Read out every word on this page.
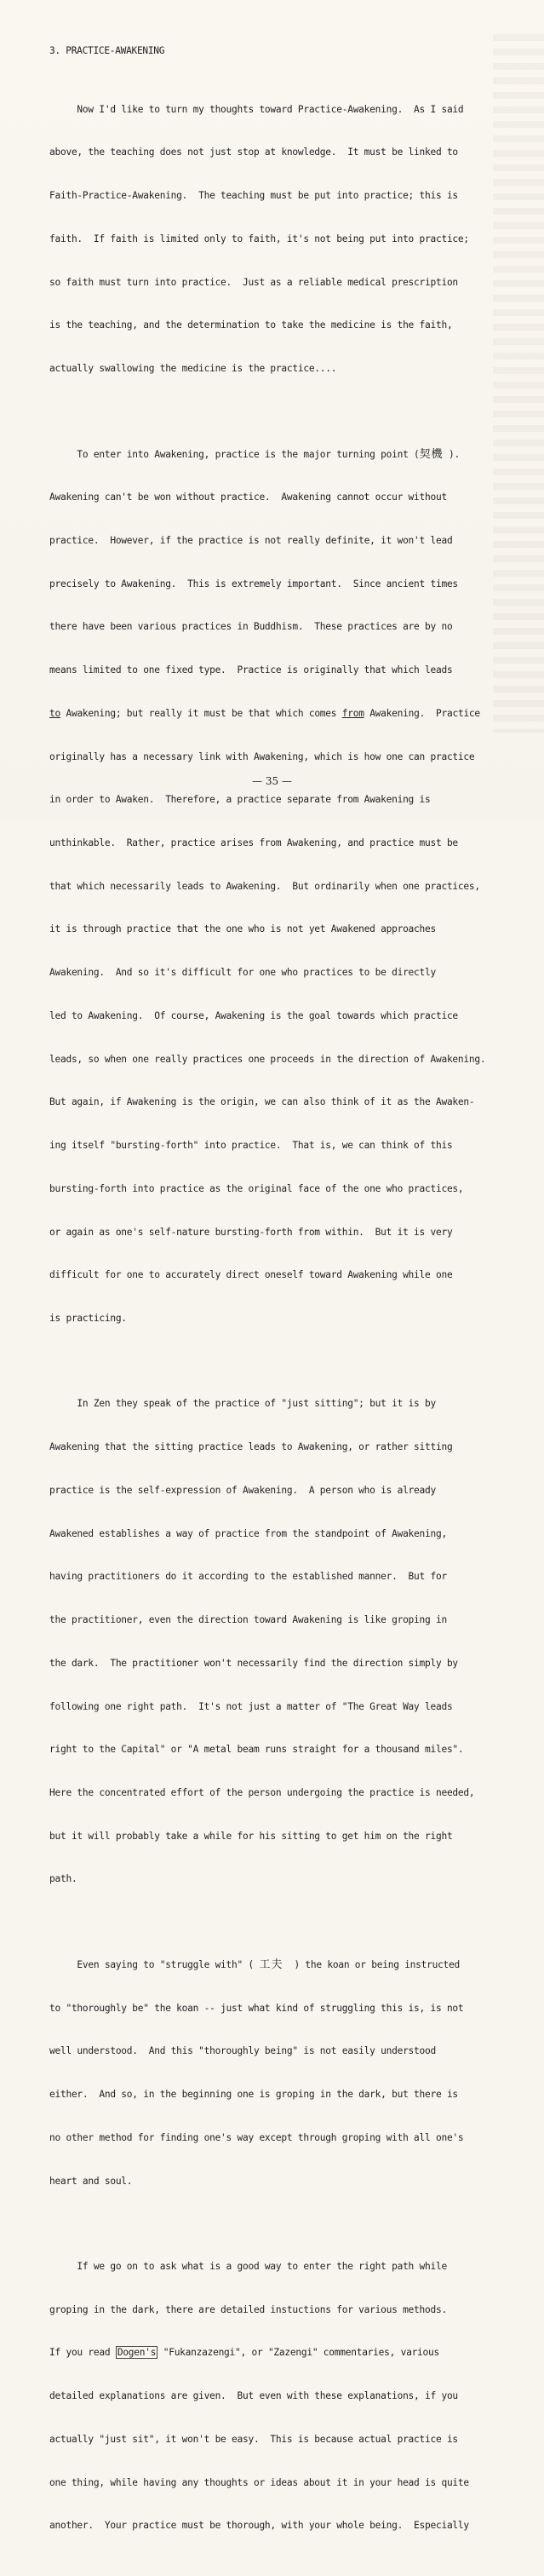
3. PRACTICE-AWAKENING

Now I'd like to turn my thoughts toward Practice-Awakening.  As I said

above, the teaching does not just stop at knowledge.  It must be linked to

Faith-Practice-Awakening.  The teaching must be put into practice; this is

faith.  If faith is limited only to faith, it's not being put into practice;

so faith must turn into practice.  Just as a reliable medical prescription

is the teaching, and the determination to take the medicine is the faith,

actually swallowing the medicine is the practice....

To enter into Awakening, practice is the major turning point (契機 ).

Awakening can't be won without practice.  Awakening cannot occur without

practice.  However, if the practice is not really definite, it won't lead

precisely to Awakening.  This is extremely important.  Since ancient times

there have been various practices in Buddhism.  These practices are by no

means limited to one fixed type.  Practice is originally that which leads

to Awakening; but really it must be that which comes from Awakening.  Practice

originally has a necessary link with Awakening, which is how one can practice

in order to Awaken.  Therefore, a practice separate from Awakening is

unthinkable.  Rather, practice arises from Awakening, and practice must be

that which necessarily leads to Awakening.  But ordinarily when one practices,

it is through practice that the one who is not yet Awakened approaches

Awakening.  And so it's difficult for one who practices to be directly

led to Awakening.  Of course, Awakening is the goal towards which practice

leads, so when one really practices one proceeds in the direction of Awakening.

But again, if Awakening is the origin, we can also think of it as the Awaken-

ing itself "bursting-forth" into practice.  That is, we can think of this

bursting-forth into practice as the original face of the one who practices,

or again as one's self-nature bursting-forth from within.  But it is very

difficult for one to accurately direct oneself toward Awakening while one

is practicing.

In Zen they speak of the practice of "just sitting"; but it is by

Awakening that the sitting practice leads to Awakening, or rather sitting

practice is the self-expression of Awakening.  A person who is already

Awakened establishes a way of practice from the standpoint of Awakening,

having practitioners do it according to the established manner.  But for

the practitioner, even the direction toward Awakening is like groping in

the dark.  The practitioner won't necessarily find the direction simply by

following one right path.  It's not just a matter of "The Great Way leads

right to the Capital" or "A metal beam runs straight for a thousand miles".

Here the concentrated effort of the person undergoing the practice is needed,

but it will probably take a while for his sitting to get him on the right

path.

Even saying to "struggle with" ( 工夫  ) the koan or being instructed

to "thoroughly be" the koan -- just what kind of struggling this is, is not

well understood.  And this "thoroughly being" is not easily understood

either.  And so, in the beginning one is groping in the dark, but there is

no other method for finding one's way except through groping with all one's

heart and soul.

If we go on to ask what is a good way to enter the right path while

groping in the dark, there are detailed instuctions for various methods.

If you read Dogen's "Fukanzazengi", or "Zazengi" commentaries, various

detailed explanations are given.  But even with these explanations, if you

actually "just sit", it won't be easy.  This is because actual practice is

one thing, while having any thoughts or ideas about it in your head is quite

another.  Your practice must be thorough, with your whole being.  Especially

— 35 —
